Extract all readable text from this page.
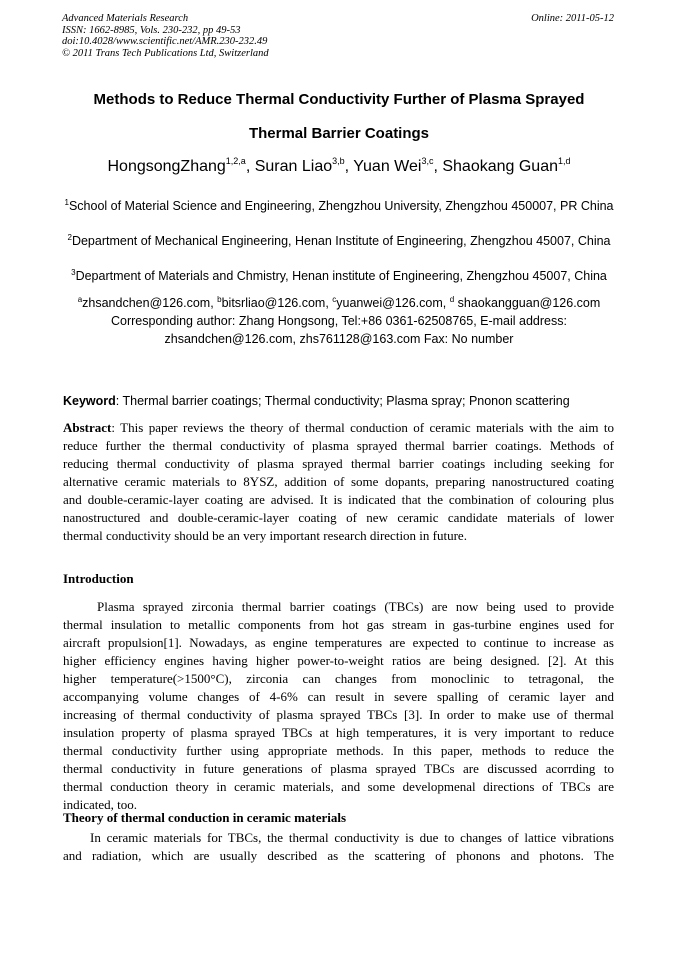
Advanced Materials Research
ISSN: 1662-8985, Vols. 230-232, pp 49-53
doi:10.4028/www.scientific.net/AMR.230-232.49
© 2011 Trans Tech Publications Ltd, Switzerland
Online: 2011-05-12
Methods to Reduce Thermal Conductivity Further of Plasma Sprayed
Thermal Barrier Coatings
HongsongZhang$^{1,2,a}$, Suran Liao$^{3,b}$, Yuan Wei$^{3,c}$, Shaokang Guan$^{1,d}$
$^1$School of Material Science and Engineering, Zhengzhou University, Zhengzhou 450007, PR China
$^2$Department of Mechanical Engineering, Henan Institute of Engineering, Zhengzhou 45007, China
$^3$Department of Materials and Chmistry, Henan institute of Engineering, Zhengzhou 45007, China
$^a$zhsandchen@126.com, $^b$bitsrliao@126.com, $^c$yuanwei@126.com, $^d$ shaokangguan@126.com
Corresponding author: Zhang Hongsong, Tel:+86 0361-62508765, E-mail address:
zhsandchen@126.com, zhs761128@163.com Fax: No number
Keyword: Thermal barrier coatings; Thermal conductivity; Plasma spray; Pnonon scattering
Abstract: This paper reviews the theory of thermal conduction of ceramic materials with the aim to
reduce further the thermal conductivity of plasma sprayed thermal barrier coatings. Methods of
reducing thermal conductivity of plasma sprayed thermal barrier coatings including seeking for
alternative ceramic materials to 8YSZ, addition of some dopants, preparing nanostructured coating
and double-ceramic-layer coating are advised. It is indicated that the combination of colouring plus
nanostructured and double-ceramic-layer coating of new ceramic candidate materials of lower
thermal conductivity should be an very important research direction in future.
Introduction
Plasma sprayed zirconia thermal barrier coatings (TBCs) are now being used to provide
thermal insulation to metallic components from hot gas stream in gas-turbine engines used for
aircraft propulsion[1]. Nowadays, as engine temperatures are expected to continue to increase as
higher efficiency engines having higher power-to-weight ratios are being designed. [2]. At this
higher temperature(>1500°C), zirconia can changes from monoclinic to tetragonal, the
accompanying volume changes of 4-6% can result in severe spalling of ceramic layer and
increasing of thermal conductivity of plasma sprayed TBCs [3]. In order to make use of thermal
insulation property of plasma sprayed TBCs at high temperatures, it is very important to reduce
thermal conductivity further using appropriate methods. In this paper, methods to reduce the
thermal conductivity in future generations of plasma sprayed TBCs are discussed acorrding to
thermal conduction theory in ceramic materials, and some developmenal directions of TBCs are
indicated, too.
Theory of thermal conduction in ceramic materials
In ceramic materials for TBCs, the thermal conductivity is due to changes of lattice vibrations
and radiation, which are usually described as the scattering of phonons and photons. The
